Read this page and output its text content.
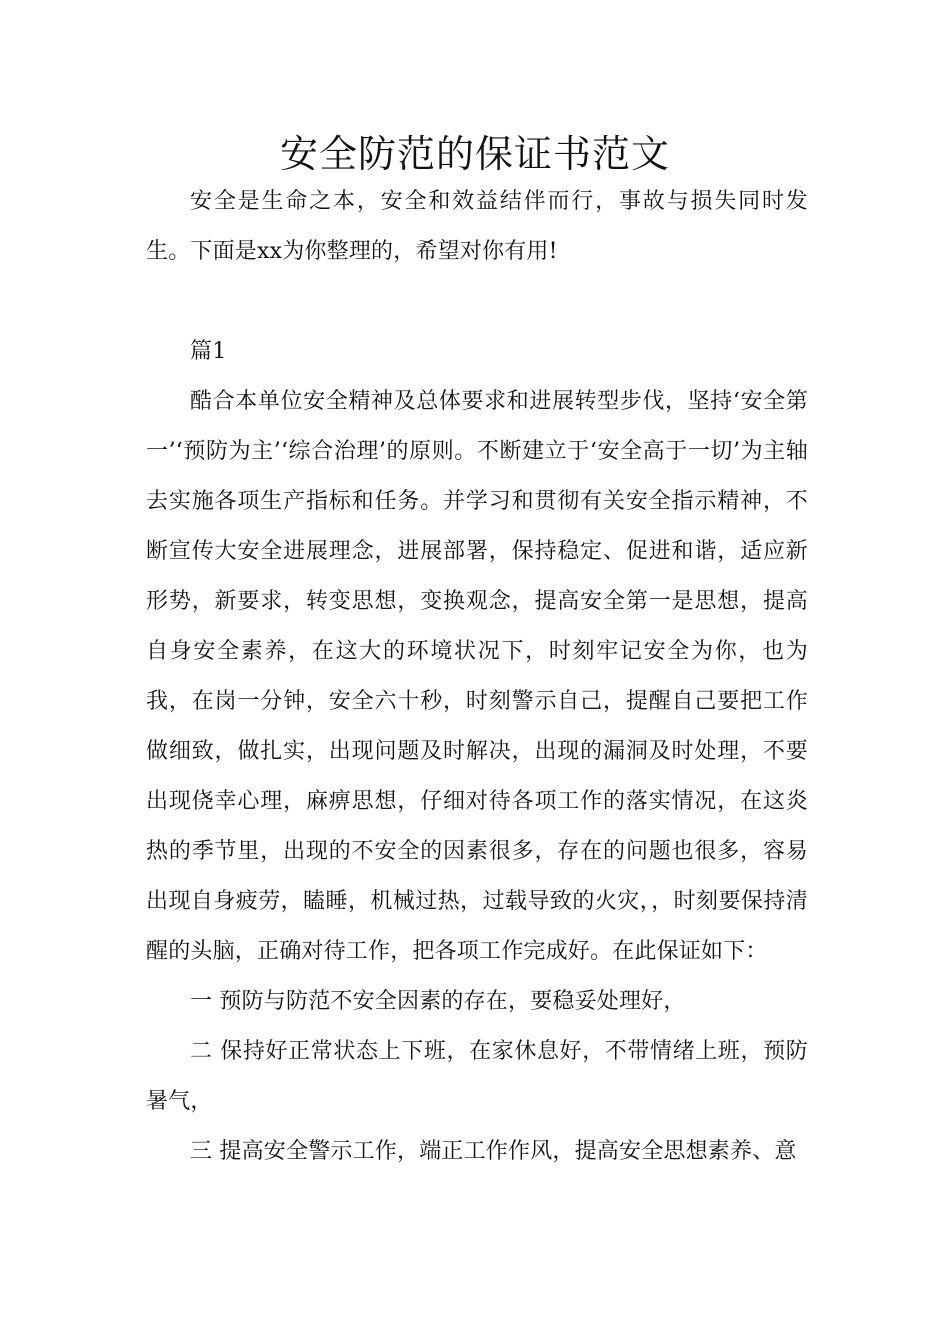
安全防范的保证书范文

安全是生命之本，安全和效益结伴而行，事故与损失同时发生。下面是xx为你整理的，希望对你有用!

篇1

酷合本单位安全精神及总体要求和进展转型步伐，坚持‘安全第一’‘预防为主’‘综合治理’的原则。不断建立于‘安全高于一切’为主轴去实施各项生产指标和任务。并学习和贯彻有关安全指示精神，不断宣传大安全进展理念，进展部署，保持稳定、促进和谐，适应新形势，新要求，转变思想，变换观念，提高安全第一是思想，提高自身安全素养，在这大的环境状况下，时刻牢记安全为你，也为我，在岗一分钟，安全六十秒，时刻警示自己，提醒自己要把工作做细致，做扎实，出现问题及时解决，出现的漏洞及时处理，不要出现侥幸心理，麻痹思想，仔细对待各项工作的落实情况，在这炎热的季节里，出现的不安全的因素很多，存在的问题也很多，容易出现自身疲劳，瞌睡，机械过热，过载导致的火灾，，时刻要保持清醒的头脑，正确对待工作，把各项工作完成好。在此保证如下：

一 预防与防范不安全因素的存在，要稳妥处理好，

二 保持好正常状态上下班，在家休息好，不带情绪上班，预防暑气，

三 提高安全警示工作，端正工作作风，提高安全思想素养、意
